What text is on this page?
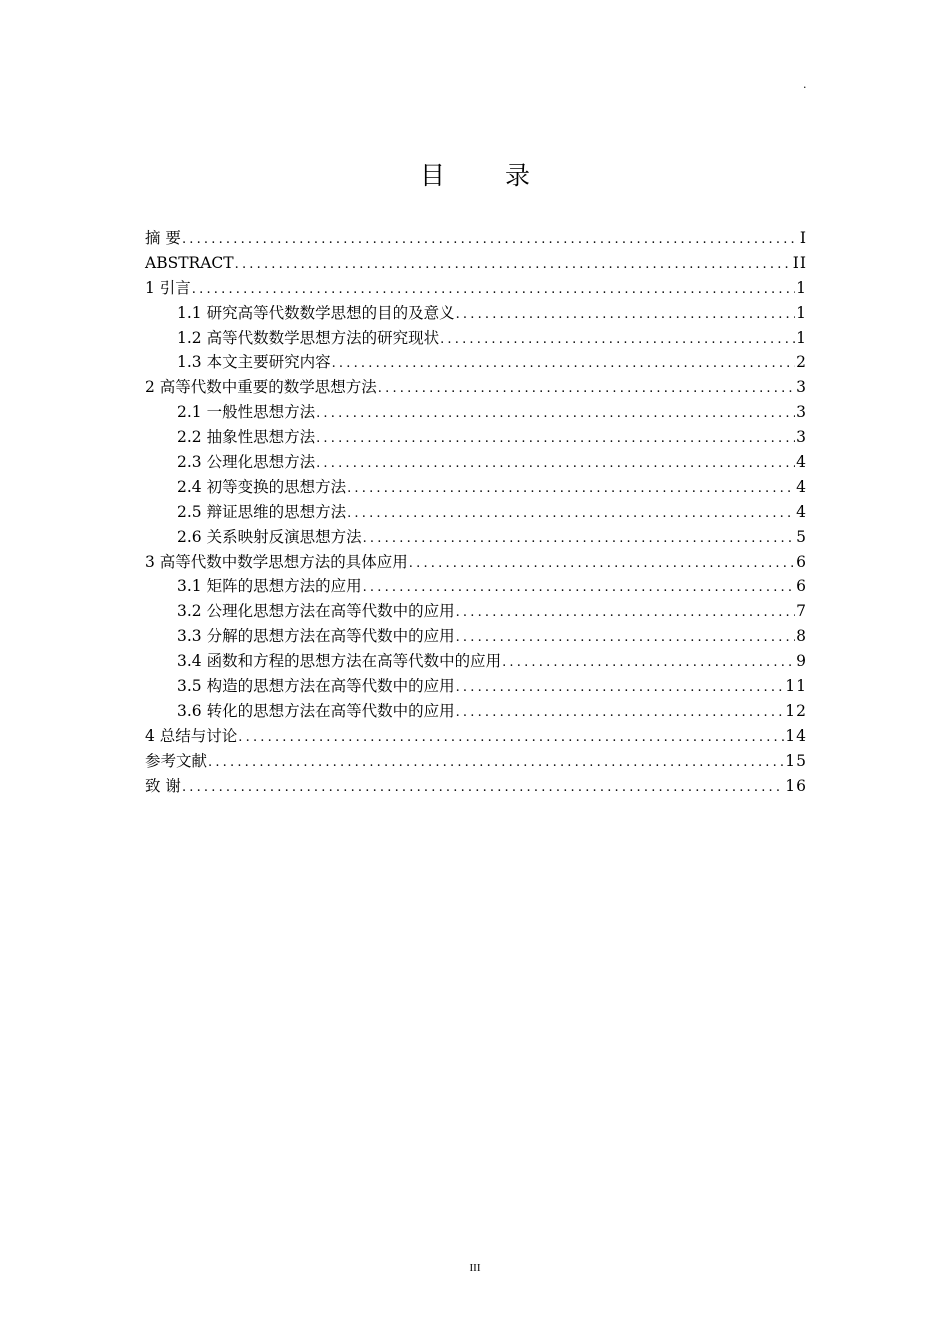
.
目 录
摘 要 .....	I
ABSTRACT .....	II
1 引言 .....	1
1.1 研究高等代数数学思想的目的及意义 .....	1
1.2 高等代数数学思想方法的研究现状 .....	1
1.3 本文主要研究内容 .....	2
2 高等代数中重要的数学思想方法 .....	3
2.1 一般性思想方法 .....	3
2.2 抽象性思想方法 .....	3
2.3 公理化思想方法 .....	4
2.4 初等变换的思想方法 .....	4
2.5 辩证思维的思想方法 .....	4
2.6 关系映射反演思想方法 .....	5
3 高等代数中数学思想方法的具体应用 .....	6
3.1 矩阵的思想方法的应用 .....	6
3.2 公理化思想方法在高等代数中的应用 .....	7
3.3 分解的思想方法在高等代数中的应用 .....	8
3.4 函数和方程的思想方法在高等代数中的应用 .....	9
3.5 构造的思想方法在高等代数中的应用 .....	11
3.6 转化的思想方法在高等代数中的应用 .....	12
4 总结与讨论 .....	14
参考文献 .....	15
致 谢 .....	16
III
